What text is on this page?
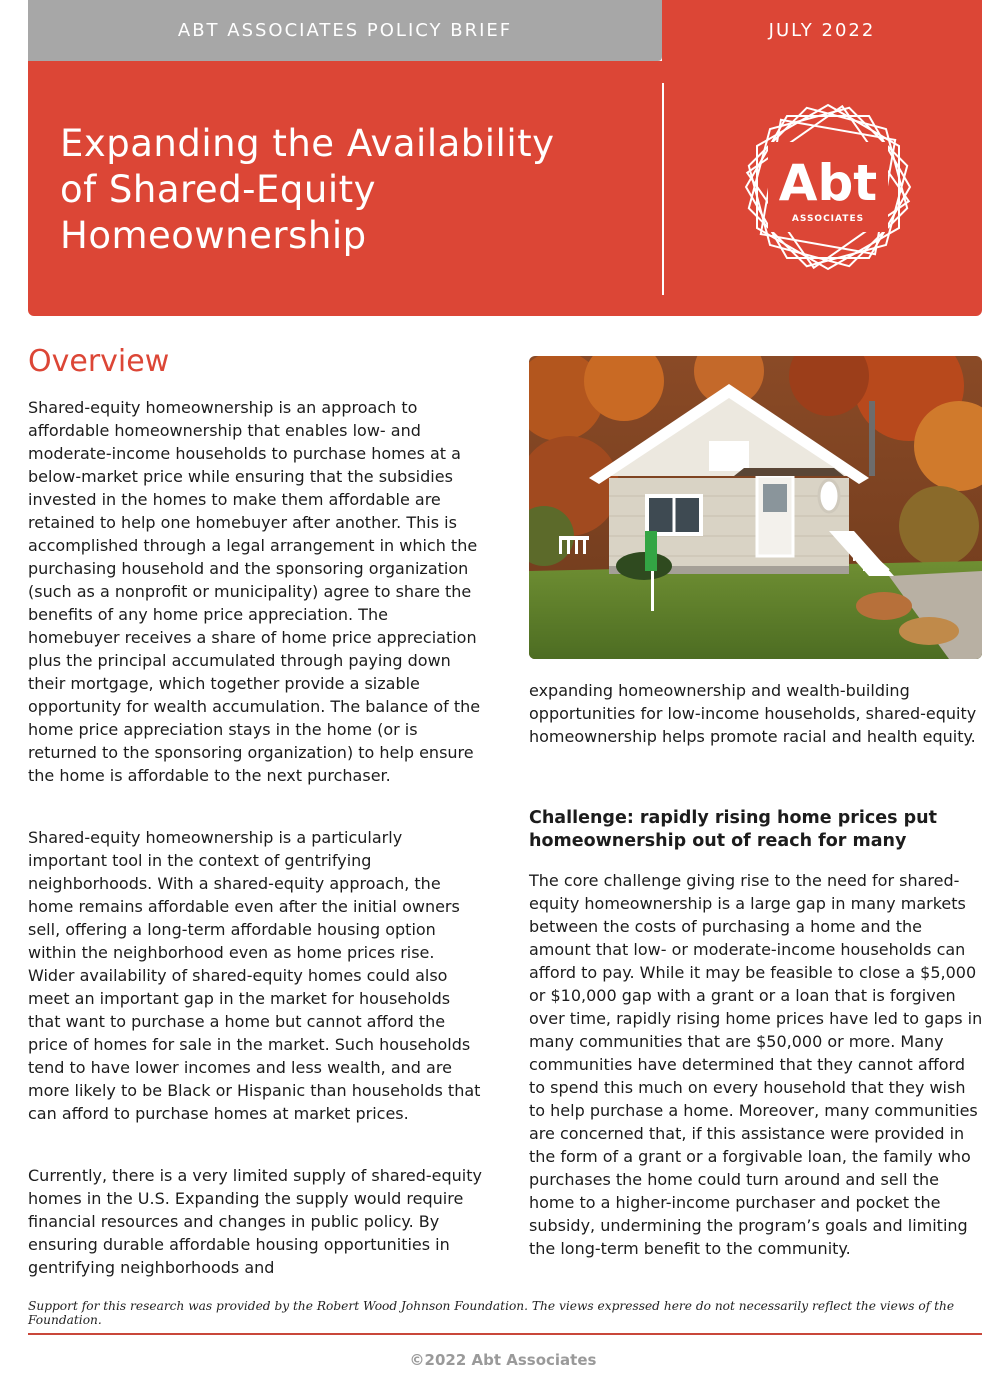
ABT ASSOCIATES POLICY BRIEF	JULY 2022
Expanding the Availability
of Shared-Equity
Homeownership
Abt
ASSOCIATES
Overview

Shared-equity homeownership is an approach to affordable homeownership that enables low- and moderate-income households to purchase homes at a below-market price while ensuring that the subsidies invested in the homes to make them affordable are retained to help one homebuyer after another. This is accomplished through a legal arrangement in which the purchasing household and the sponsoring organization (such as a nonprofit or municipality) agree to share the benefits of any home price appreciation. The homebuyer receives a share of home price appreciation plus the principal accumulated through paying down their mortgage, which together provide a sizable opportunity for wealth accumulation. The balance of the home price appreciation stays in the home (or is returned to the sponsoring organization) to help ensure the home is affordable to the next purchaser.

Shared-equity homeownership is a particularly important tool in the context of gentrifying neighborhoods. With a shared-equity approach, the home remains affordable even after the initial owners sell, offering a long-term affordable housing option within the neighborhood even as home prices rise. Wider availability of shared-equity homes could also meet an important gap in the market for households that want to purchase a home but cannot afford the price of homes for sale in the market. Such households tend to have lower incomes and less wealth, and are more likely to be Black or Hispanic than households that can afford to purchase homes at market prices.

Currently, there is a very limited supply of shared-equity homes in the U.S. Expanding the supply would require financial resources and changes in public policy. By ensuring durable affordable housing opportunities in gentrifying neighborhoods and

expanding homeownership and wealth-building opportunities for low-income households, shared-equity homeownership helps promote racial and health equity.

Challenge: rapidly rising home prices put homeownership out of reach for many

The core challenge giving rise to the need for shared-equity homeownership is a large gap in many markets between the costs of purchasing a home and the amount that low- or moderate-income households can afford to pay. While it may be feasible to close a $5,000 or $10,000 gap with a grant or a loan that is forgiven over time, rapidly rising home prices have led to gaps in many communities that are $50,000 or more. Many communities have determined that they cannot afford to spend this much on every household that they wish to help purchase a home. Moreover, many communities are concerned that, if this assistance were provided in the form of a grant or a forgivable loan, the family who purchases the home could turn around and sell the home to a higher-income purchaser and pocket the subsidy, undermining the program’s goals and limiting the long-term benefit to the community.

Support for this research was provided by the Robert Wood Johnson Foundation. The views expressed here do not necessarily reflect the views of the Foundation.
©2022 Abt Associates
